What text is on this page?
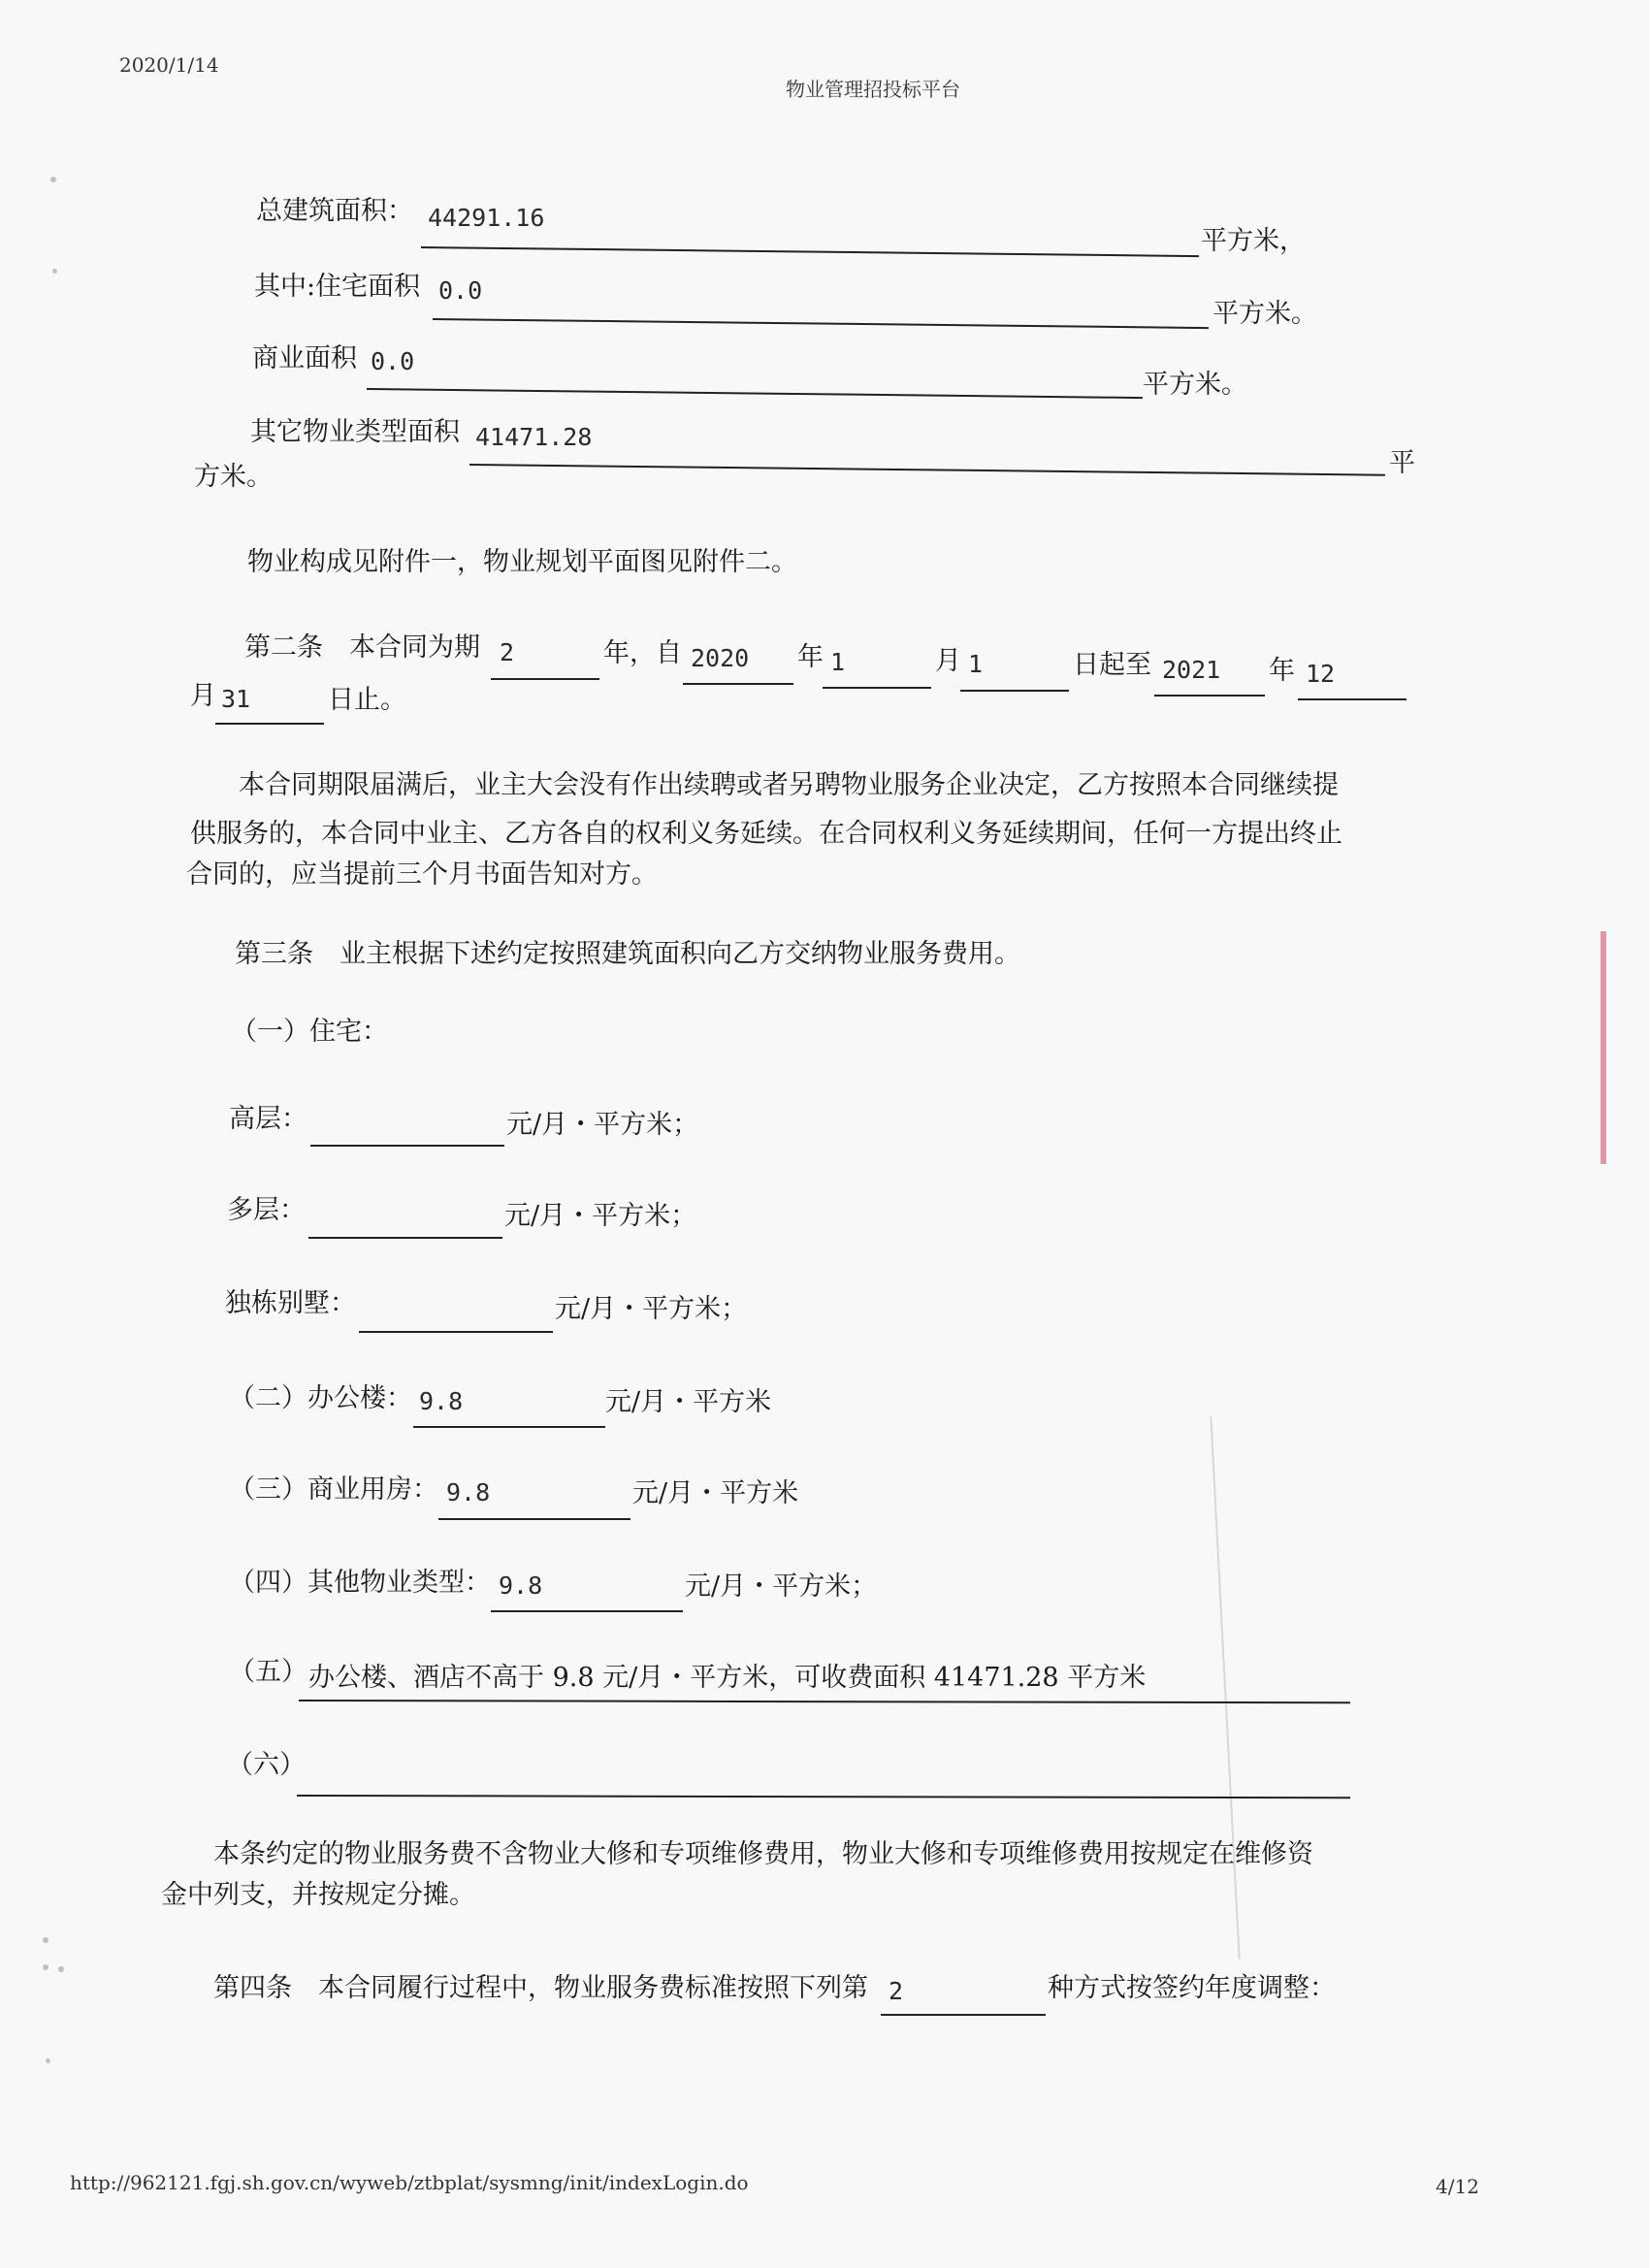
2020/1/14
物业管理招投标平台
总建筑面积： 44291.16
平方米，
其中:住宅面积 0.0
平方米。
商业面积 0.0
平方米。
其它物业类型面积 41471.28
平
方米。
物业构成见附件一，物业规划平面图见附件二。
第二条　本合同为期 2	年，自 2020 年 1	月 1	日起至 2021 年 12
月 31	日止。
本合同期限届满后，业主大会没有作出续聘或者另聘物业服务企业决定，乙方按照本合同继续提
供服务的，本合同中业主、乙方各自的权利义务延续。在合同权利义务延续期间，任何一方提出终止
合同的，应当提前三个月书面告知对方。
第三条　业主根据下述约定按照建筑面积向乙方交纳物业服务费用。
（一）住宅：
高层：	元/月・平方米；
多层：	元/月・平方米；
独栋别墅：	元/月・平方米；
（二）办公楼： 9.8	元/月・平方米
（三）商业用房： 9.8	元/月・平方米
（四）其他物业类型： 9.8	元/月・平方米；
（五） 办公楼、酒店不高于 9.8 元/月・平方米，可收费面积 41471.28 平方米
（六）
本条约定的物业服务费不含物业大修和专项维修费用，物业大修和专项维修费用按规定在维修资
金中列支，并按规定分摊。
第四条　本合同履行过程中，物业服务费标准按照下列第 2	种方式按签约年度调整：
http://962121.fgj.sh.gov.cn/wyweb/ztbplat/sysmng/init/indexLogin.do	4/12
